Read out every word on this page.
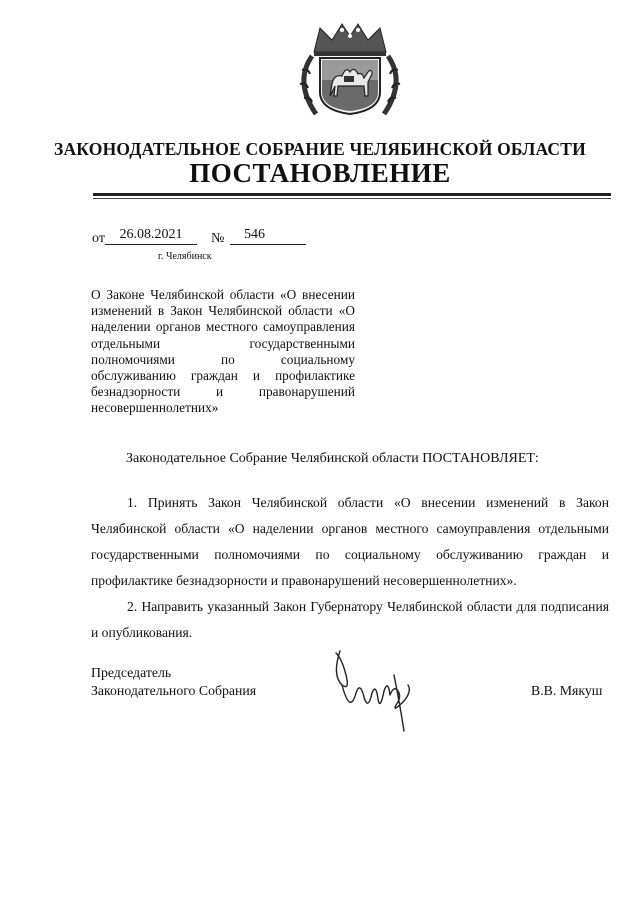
ЗАКОНОДАТЕЛЬНОЕ СОБРАНИЕ ЧЕЛЯБИНСКОЙ ОБЛАСТИ
ПОСТАНОВЛЕНИЕ
от	26.08.2021	№	546
г. Челябинск
О Законе Челябинской области «О внесении изменений в Закон Челябинской области «О наделении органов местного самоуправления отдельными государственными полномочиями по социальному обслуживанию граждан и профилактике безнадзорности и правонарушений несовершеннолетних»
Законодательное Собрание Челябинской области ПОСТАНОВЛЯЕТ:
1. Принять Закон Челябинской области «О внесении изменений в Закон Челябинской области «О наделении органов местного самоуправления отдельными государственными полномочиями по социальному обслуживанию граждан и профилактике безнадзорности и правонарушений несовершеннолетних».
2. Направить указанный Закон Губернатору Челябинской области для подписания и опубликования.
Председатель
Законодательного Собрания	В.В. Мякуш
